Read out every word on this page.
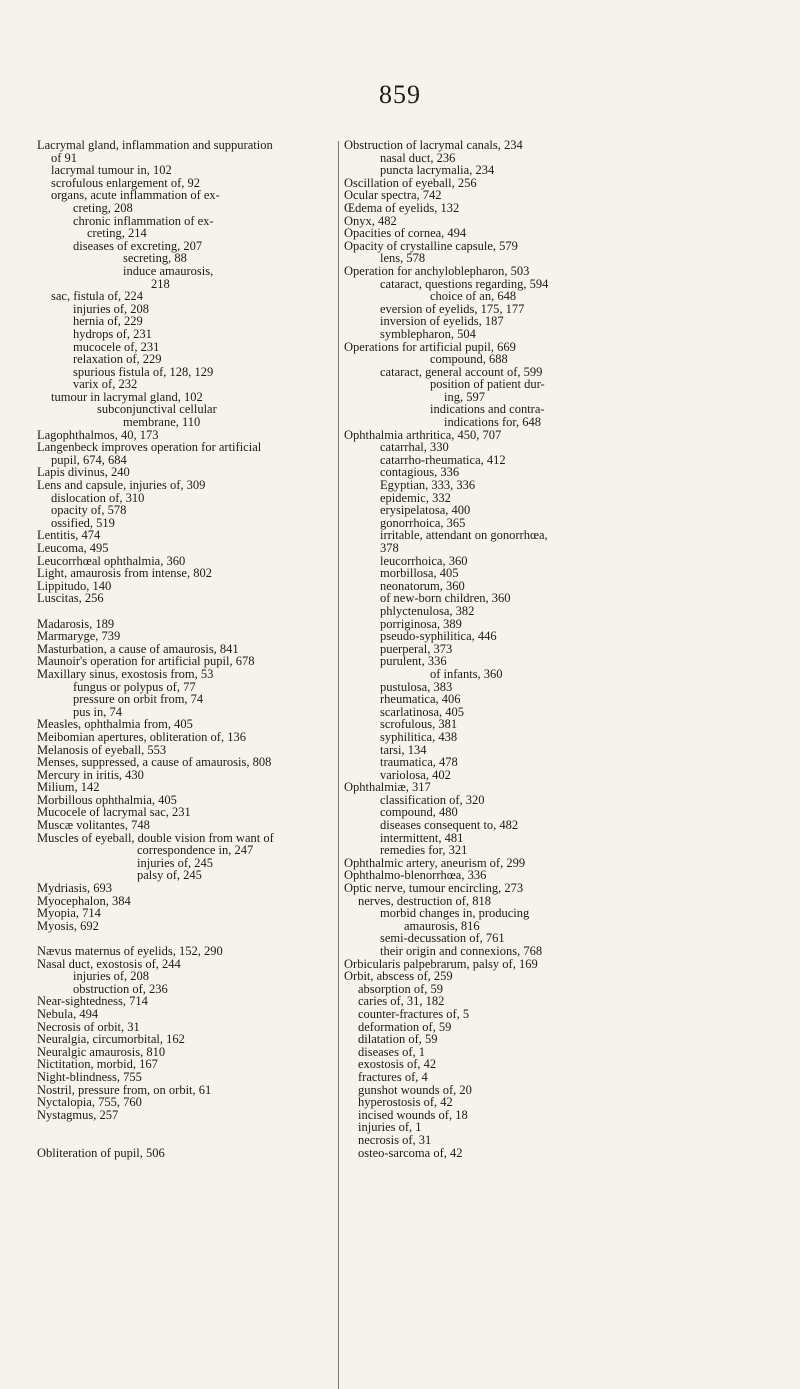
859
Lacrymal gland, inflammation and suppuration
of 91
lacrymal tumour in, 102
scrofulous enlargement of, 92
organs, acute inflammation of ex-
creting, 208
chronic inflammation of ex-
creting, 214
diseases of excreting, 207
secreting, 88
induce amaurosis,
218
sac, fistula of, 224
injuries of, 208
hernia of, 229
hydrops of, 231
mucocele of, 231
relaxation of, 229
spurious fistula of, 128, 129
varix of, 232
tumour in lacrymal gland, 102
subconjunctival cellular
membrane, 110
Lagophthalmos, 40, 173
Langenbeck improves operation for artificial
pupil, 674, 684
Lapis divinus, 240
Lens and capsule, injuries of, 309
dislocation of, 310
opacity of, 578
ossified, 519
Lentitis, 474
Leucoma, 495
Leucorrhœal ophthalmia, 360
Light, amaurosis from intense, 802
Lippitudo, 140
Luscitas, 256
Madarosis, 189
Marmaryge, 739
Masturbation, a cause of amaurosis, 841
Maunoir's operation for artificial pupil, 678
Maxillary sinus, exostosis from, 53
fungus or polypus of, 77
pressure on orbit from, 74
pus in, 74
Measles, ophthalmia from, 405
Meibomian apertures, obliteration of, 136
Melanosis of eyeball, 553
Menses, suppressed, a cause of amaurosis, 808
Mercury in iritis, 430
Milium, 142
Morbillous ophthalmia, 405
Mucocele of lacrymal sac, 231
Muscæ volitantes, 748
Muscles of eyeball, double vision from want of
correspondence in, 247
injuries of, 245
palsy of, 245
Mydriasis, 693
Myocephalon, 384
Myopia, 714
Myosis, 692
Nævus maternus of eyelids, 152, 290
Nasal duct, exostosis of, 244
injuries of, 208
obstruction of, 236
Near-sightedness, 714
Nebula, 494
Necrosis of orbit, 31
Neuralgia, circumorbital, 162
Neuralgic amaurosis, 810
Nictitation, morbid, 167
Night-blindness, 755
Nostril, pressure from, on orbit, 61
Nyctalopia, 755, 760
Nystagmus, 257
Obliteration of pupil, 506
Obstruction of lacrymal canals, 234
nasal duct, 236
puncta lacrymalia, 234
Oscillation of eyeball, 256
Ocular spectra, 742
Œdema of eyelids, 132
Onyx, 482
Opacities of cornea, 494
Opacity of crystalline capsule, 579
lens, 578
Operation for anchyloblepharon, 503
cataract, questions regarding, 594
choice of an, 648
eversion of eyelids, 175, 177
inversion of eyelids, 187
symblepharon, 504
Operations for artificial pupil, 669
compound, 688
cataract, general account of, 599
position of patient dur-
ing, 597
indications and contra-
indications for, 648
Ophthalmia arthritica, 450, 707
catarrhal, 330
catarrho-rheumatica, 412
contagious, 336
Egyptian, 333, 336
epidemic, 332
erysipelatosa, 400
gonorrhoica, 365
irritable, attendant on gonorrhœa,
378
leucorrhoica, 360
morbillosa, 405
neonatorum, 360
of new-born children, 360
phlyctenulosa, 382
porriginosa, 389
pseudo-syphilitica, 446
puerperal, 373
purulent, 336
of infants, 360
pustulosa, 383
rheumatica, 406
scarlatinosa, 405
scrofulous, 381
syphilitica, 438
tarsi, 134
traumatica, 478
variolosa, 402
Ophthalmiæ, 317
classification of, 320
compound, 480
diseases consequent to, 482
intermittent, 481
remedies for, 321
Ophthalmic artery, aneurism of, 299
Ophthalmo-blenorrhœa, 336
Optic nerve, tumour encircling, 273
nerves, destruction of, 818
morbid changes in, producing
amaurosis, 816
semi-decussation of, 761
their origin and connexions, 768
Orbicularis palpebrarum, palsy of, 169
Orbit, abscess of, 259
absorption of, 59
caries of, 31, 182
counter-fractures of, 5
deformation of, 59
dilatation of, 59
diseases of, 1
exostosis of, 42
fractures of, 4
gunshot wounds of, 20
hyperostosis of, 42
incised wounds of, 18
injuries of, 1
necrosis of, 31
osteo-sarcoma of, 42
